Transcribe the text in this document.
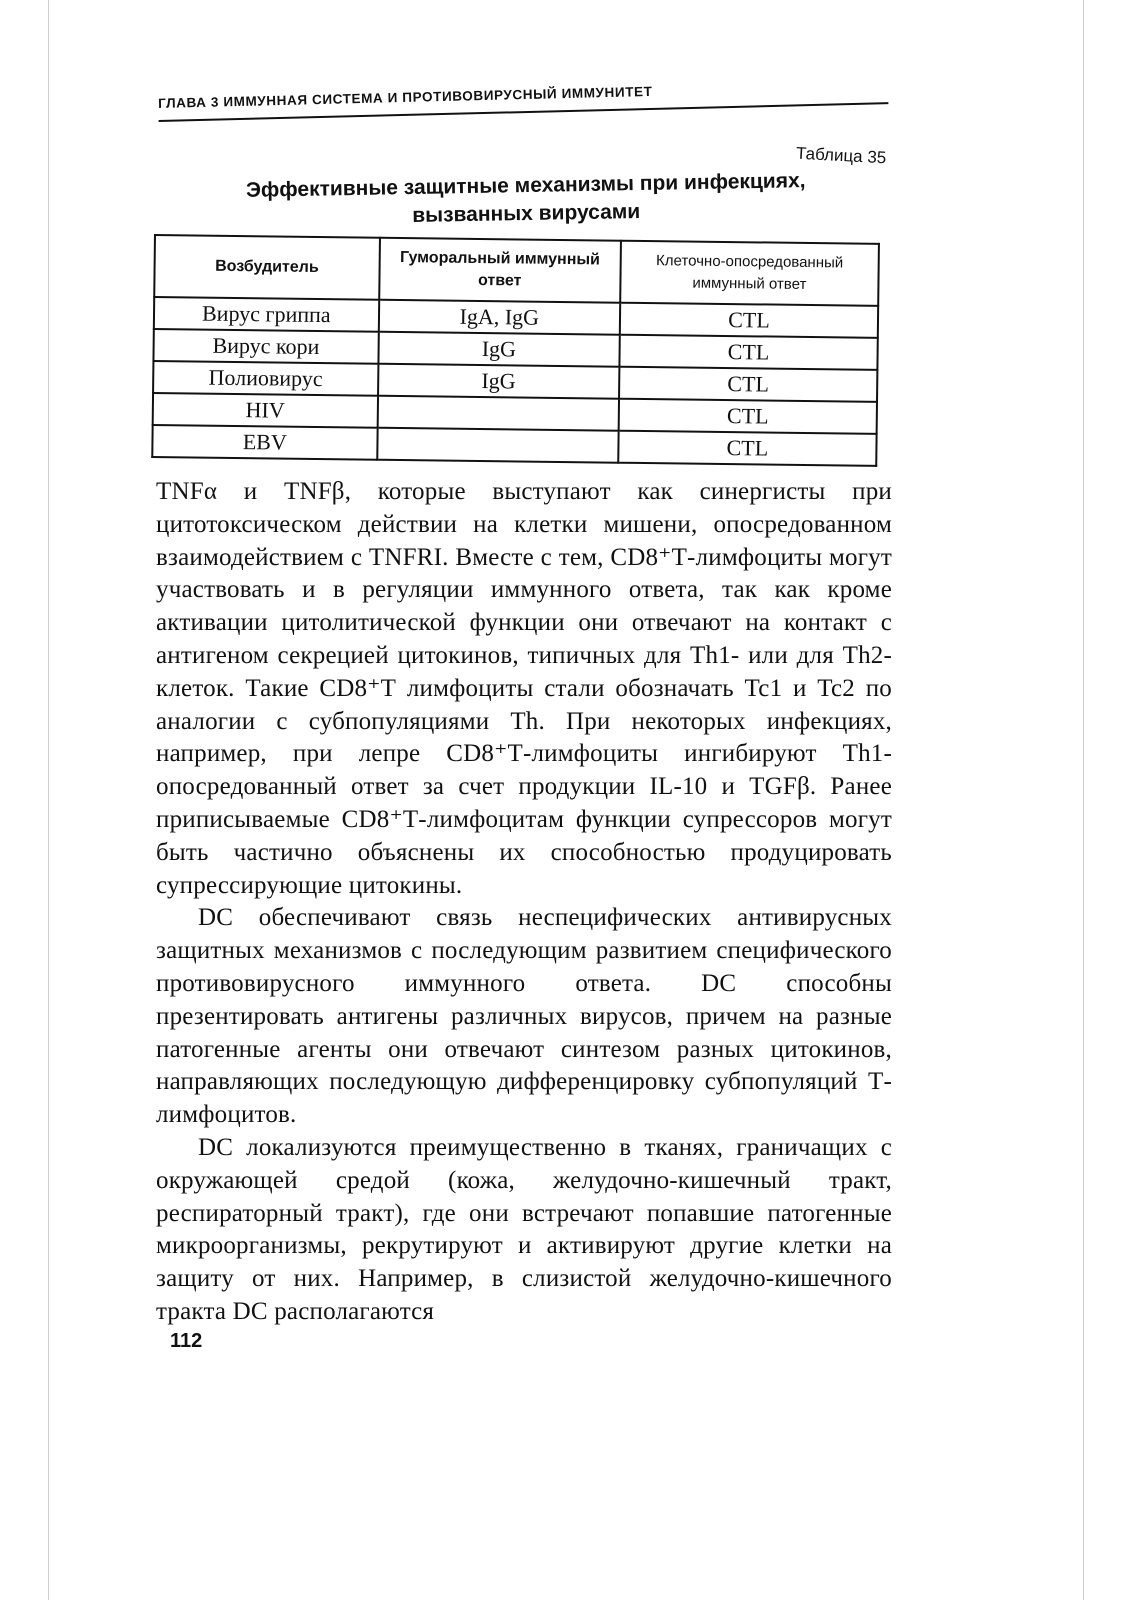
ГЛАВА 3 ИММУННАЯ СИСТЕМА И ПРОТИВОВИРУСНЫЙ ИММУНИТЕТ
Таблица 35
Эффективные защитные механизмы при инфекциях,
вызванных вирусами
Возбудитель	Гуморальный иммунный ответ	Клеточно-опосредованный иммунный ответ
Вирус гриппа	IgA, IgG	CTL
Вирус кори	IgG	CTL
Полиовирус	IgG	CTL
HIV		CTL
EBV		CTL

TNFα и TNFβ, которые выступают как синергисты при цитотоксическом действии на клетки мишени, опосредованном взаимодействием с TNFRI. Вместе с тем, CD8⁺Т-лимфоциты могут участвовать и в регуляции иммунного ответа, так как кроме активации цитолитической функции они отвечают на контакт с антигеном секрецией цитокинов, типичных для Th1- или для Th2-клеток. Такие CD8⁺Т лимфоциты стали обозначать Tc1 и Tc2 по аналогии с субпопуляциями Th. При некоторых инфекциях, например, при лепре CD8⁺Т-лимфоциты ингибируют Th1-опосредованный ответ за счет продукции IL-10 и TGFβ. Ранее приписываемые CD8⁺Т-лимфоцитам функции супрессоров могут быть частично объяснены их способностью продуцировать супрессирующие цитокины.

DC обеспечивают связь неспецифических антивирусных защитных механизмов с последующим развитием специфического противовирусного иммунного ответа. DC способны презентировать антигены различных вирусов, причем на разные патогенные агенты они отвечают синтезом разных цитокинов, направляющих последующую дифференцировку субпопуляций Т-лимфоцитов.

DC локализуются преимущественно в тканях, граничащих с окружающей средой (кожа, желудочно-кишечный тракт, респираторный тракт), где они встречают попавшие патогенные микроорганизмы, рекрутируют и активируют другие клетки на защиту от них. Например, в слизистой желудочно-кишечного тракта DC располагаются

112
